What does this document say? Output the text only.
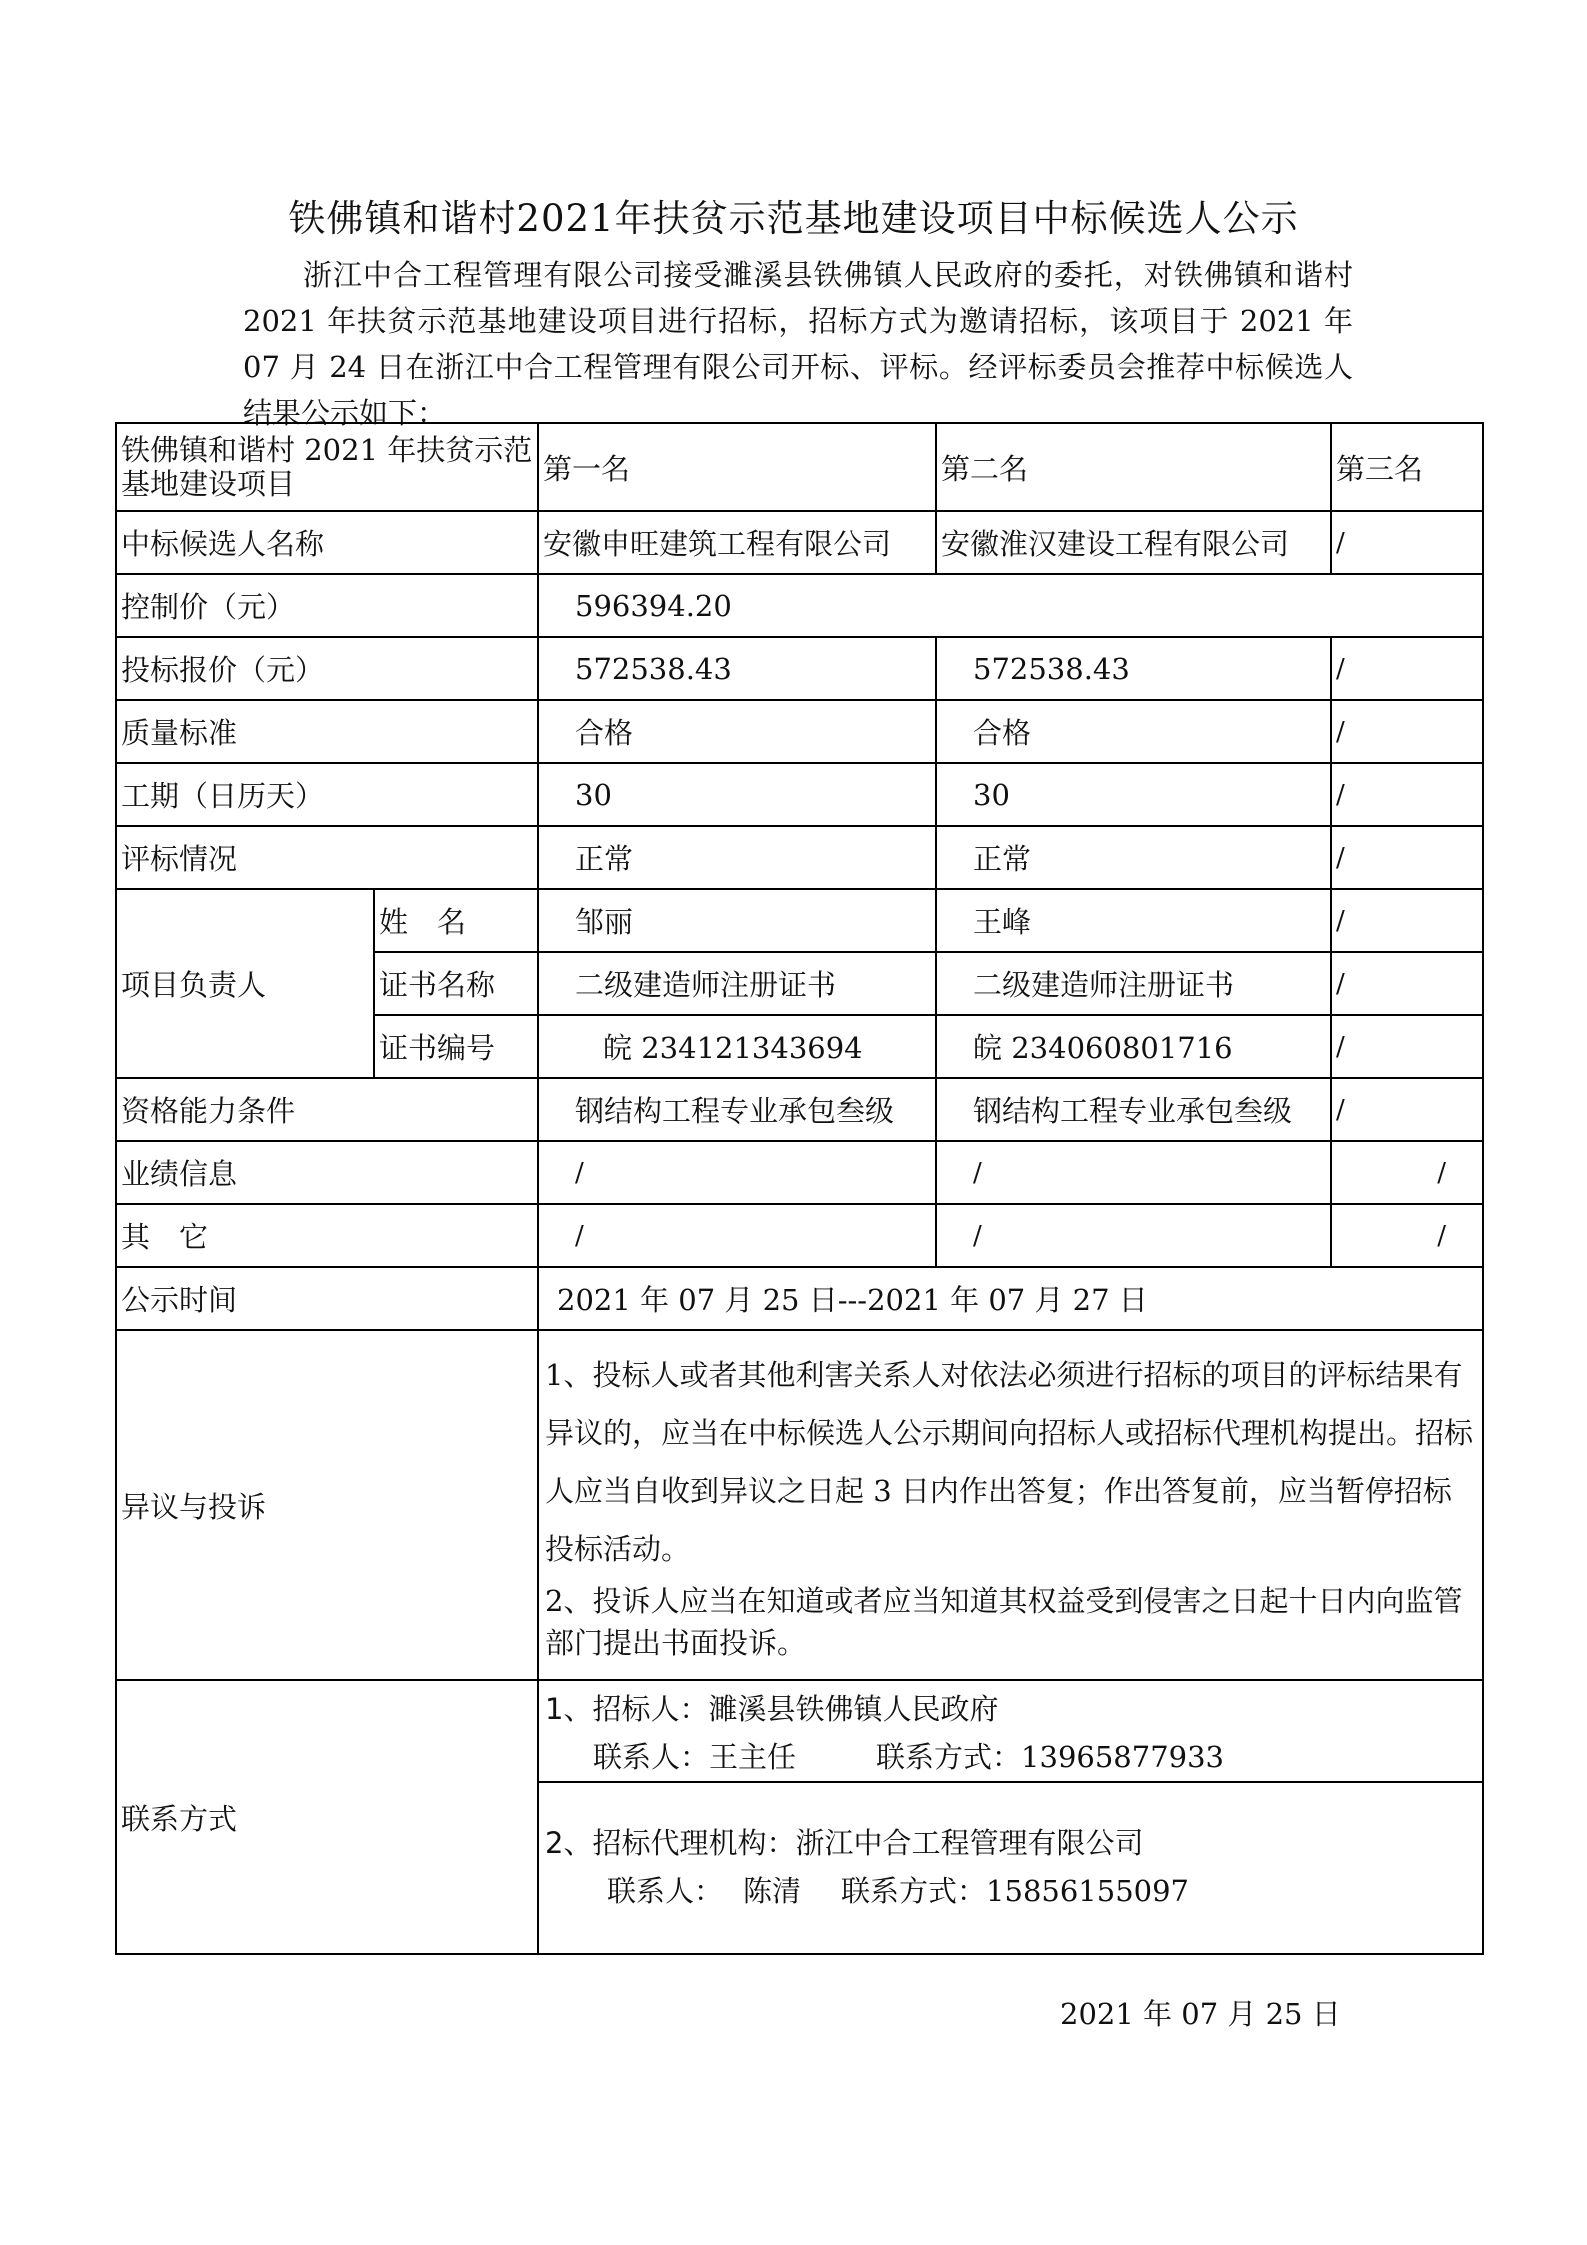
铁佛镇和谐村2021年扶贫示范基地建设项目中标候选人公示

浙江中合工程管理有限公司接受濉溪县铁佛镇人民政府的委托，对铁佛镇和谐村 2021 年扶贫示范基地建设项目进行招标，招标方式为邀请招标，该项目于 2021 年 07 月 24 日在浙江中合工程管理有限公司开标、评标。经评标委员会推荐中标候选人结果公示如下：

铁佛镇和谐村 2021 年扶贫示范基地建设项目		第一名	第二名	第三名
中标候选人名称		安徽申旺建筑工程有限公司	安徽淮汉建设工程有限公司	/
控制价（元）		596394.20		
投标报价（元）		572538.43	572538.43	/
质量标准		合格	合格	/
工期（日历天）		30	30	/
评标情况		正常	正常	/
项目负责人	姓　名	邹丽	王峰	/
	证书名称	二级建造师注册证书	二级建造师注册证书	/
	证书编号	皖 234121343694	皖 234060801716	/
资格能力条件		钢结构工程专业承包叁级	钢结构工程专业承包叁级	/
业绩信息		/	/	/
其　它		/	/	/
公示时间		2021 年 07 月 25 日---2021 年 07 月 27 日		
异议与投诉		1、投标人或者其他利害关系人对依法必须进行招标的项目的评标结果有异议的，应当在中标候选人公示期间向招标人或招标代理机构提出。招标人应当自收到异议之日起 3 日内作出答复；作出答复前，应当暂停招标投标活动。
2、投诉人应当在知道或者应当知道其权益受到侵害之日起十日内向监管部门提出书面投诉。		

联系方式		1、招标人：濉溪县铁佛镇人民政府
联系人：王主任 联系方式：13965877933
2、招标代理机构：浙江中合工程管理有限公司
联系人： 陈清 联系方式：15856155097		
2021 年 07 月 25 日
